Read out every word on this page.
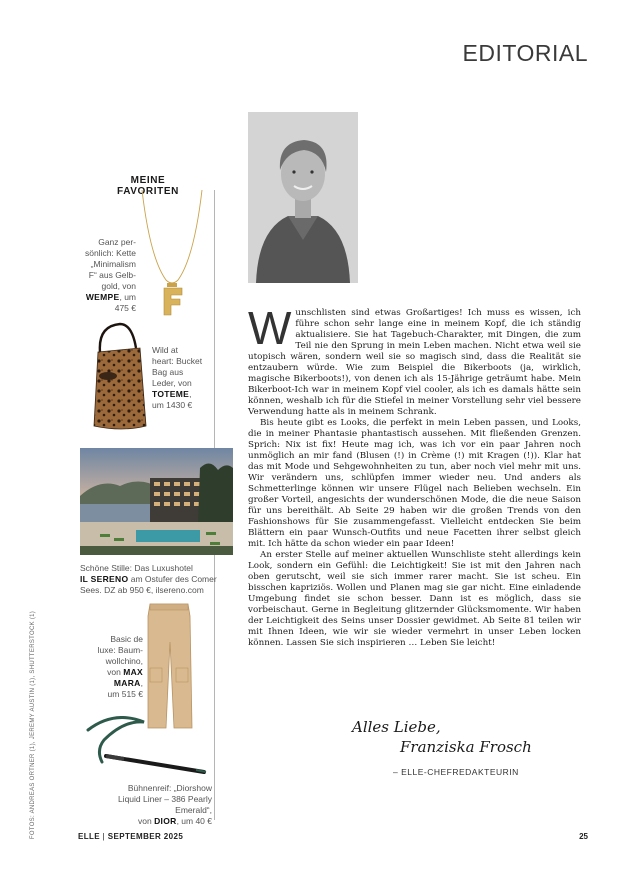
EDITORIAL
MEINE FAVORITEN
FOTOS: ANDREAS ORTNER (1), JEREMY AUSTIN (1), SHUTTERSTOCK (1)
Ganz per-
sönlich: Kette
„Minimalism
F“ aus Gelb-
gold, von
WEMPE, um
475 €
Wild at
heart: Bucket
Bag aus
Leder, von
TOTEME,
um 1430 €
Schöne Stille: Das Luxushotel
IL SERENO am Ostufer des Comer
Sees. DZ ab 950 €, ilsereno.com
Basic de
luxe: Baum-
wollchino,
von MAX MARA,
um 515 €
Bühnenreif: „Diorshow
Liquid Liner – 386 Pearly Emerald“,
von DIOR, um 40 €

Wunschlisten sind etwas Großartiges! Ich muss es wissen, ich führe schon sehr lange eine in meinem Kopf, die ich ständig aktualisiere. Sie hat Tagebuch-Charakter, mit Dingen, die zum Teil nie den Sprung in mein Leben machen. Nicht etwa weil sie utopisch wären, sondern weil sie so magisch sind, dass die Realität sie entzaubern würde. Wie zum Beispiel die Bikerboots (ja, wirklich, magische Bikerboots!), von denen ich als 15-Jährige geträumt habe. Mein Bikerboot-Ich war in meinem Kopf viel cooler, als ich es damals hätte sein können, weshalb ich für die Stiefel in meiner Vorstellung sehr viel bessere Verwendung hatte als in meinem Schrank.

Bis heute gibt es Looks, die perfekt in mein Leben passen, und Looks, die in meiner Phantasie phantastisch aussehen. Mit fließenden Grenzen. Sprich: Nix ist fix! Heute mag ich, was ich vor ein paar Jahren noch unmöglich an mir fand (Blusen (!) in Crème (!) mit Kragen (!)). Klar hat das mit Mode und Sehgewohnheiten zu tun, aber noch viel mehr mit uns. Wir verändern uns, schlüpfen immer wieder neu. Und anders als Schmetterlinge können wir unsere Flügel nach Belieben wechseln. Ein großer Vorteil, angesichts der wunderschönen Mode, die die neue Saison für uns bereithält. Ab Seite 29 haben wir die großen Trends von den Fashionshows für Sie zusammengefasst. Vielleicht entdecken Sie beim Blättern ein paar Wunsch-Outfits und neue Facetten ihrer selbst gleich mit. Ich hätte da schon wieder ein paar Ideen!

An erster Stelle auf meiner aktuellen Wunschliste steht allerdings kein Look, sondern ein Gefühl: die Leichtigkeit! Sie ist mit den Jahren nach oben gerutscht, weil sie sich immer rarer macht. Sie ist scheu. Ein bisschen kapriziös. Wollen und Planen mag sie gar nicht. Eine einladende Umgebung findet sie schon besser. Dann ist es möglich, dass sie vorbeischaut. Gerne in Begleitung glitzernder Glücksmomente. Wir haben der Leichtigkeit des Seins unser Dossier gewidmet. Ab Seite 81 teilen wir mit Ihnen Ideen, wie wir sie wieder vermehrt in unser Leben locken können. Lassen Sie sich inspirieren … Leben Sie leicht!

Alles Liebe,
Franziska Frosch
– ELLE-CHEFREDAKTEURIN
ELLE | SEPTEMBER 2025	25
